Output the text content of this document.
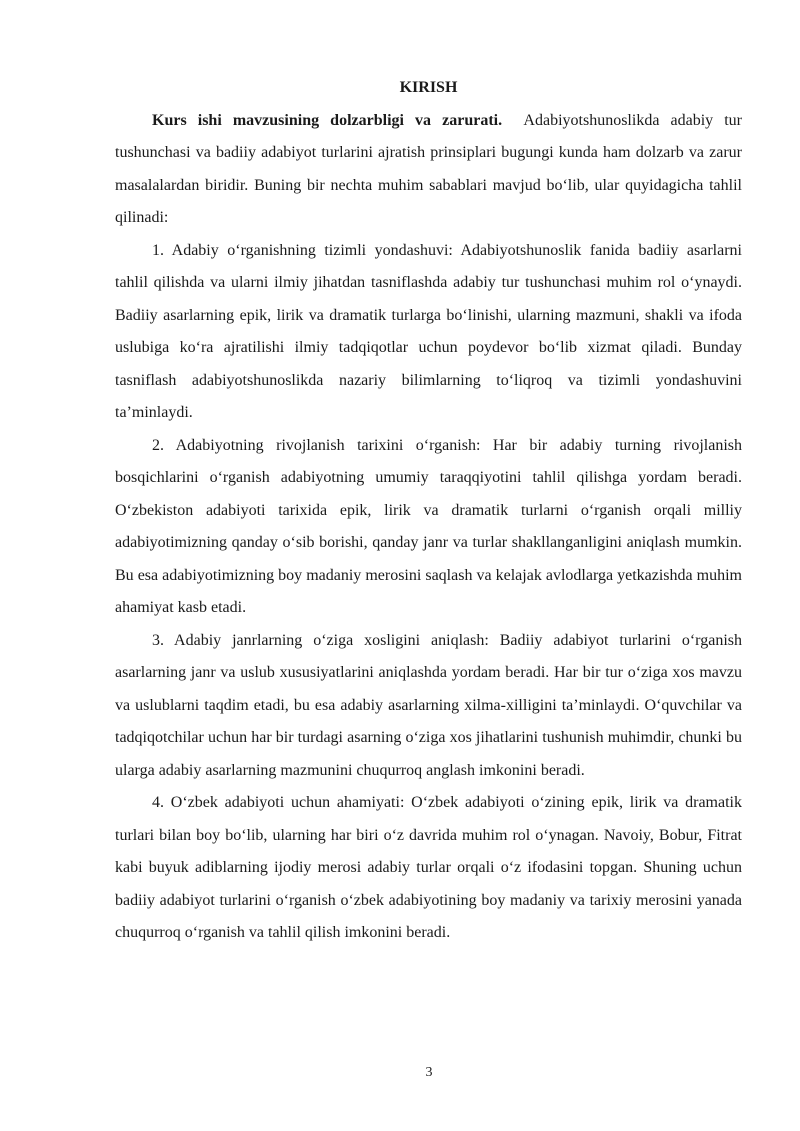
KIRISH

Kurs ishi mavzusining dolzarbligi va zarurati. Adabiyotshunoslikda adabiy tur tushunchasi va badiiy adabiyot turlarini ajratish prinsiplari bugungi kunda ham dolzarb va zarur masalalardan biridir. Buning bir nechta muhim sabablari mavjud bo‘lib, ular quyidagicha tahlil qilinadi:

1. Adabiy o‘rganishning tizimli yondashuvi: Adabiyotshunoslik fanida badiiy asarlarni tahlil qilishda va ularni ilmiy jihatdan tasniflashda adabiy tur tushunchasi muhim rol o‘ynaydi. Badiiy asarlarning epik, lirik va dramatik turlarga bo‘linishi, ularning mazmuni, shakli va ifoda uslubiga ko‘ra ajratilishi ilmiy tadqiqotlar uchun poydevor bo‘lib xizmat qiladi. Bunday tasniflash adabiyotshunoslikda nazariy bilimlarning to‘liqroq va tizimli yondashuvini ta’minlaydi.

2. Adabiyotning rivojlanish tarixini o‘rganish: Har bir adabiy turning rivojlanish bosqichlarini o‘rganish adabiyotning umumiy taraqqiyotini tahlil qilishga yordam beradi. O‘zbekiston adabiyoti tarixida epik, lirik va dramatik turlarni o‘rganish orqali milliy adabiyotimizning qanday o‘sib borishi, qanday janr va turlar shakllanganligini aniqlash mumkin. Bu esa adabiyotimizning boy madaniy merosini saqlash va kelajak avlodlarga yetkazishda muhim ahamiyat kasb etadi.

3. Adabiy janrlarning o‘ziga xosligini aniqlash: Badiiy adabiyot turlarini o‘rganish asarlarning janr va uslub xususiyatlarini aniqlashda yordam beradi. Har bir tur o‘ziga xos mavzu va uslublarni taqdim etadi, bu esa adabiy asarlarning xilma-xilligini ta’minlaydi. O‘quvchilar va tadqiqotchilar uchun har bir turdagi asarning o‘ziga xos jihatlarini tushunish muhimdir, chunki bu ularga adabiy asarlarning mazmunini chuqurroq anglash imkonini beradi.

4. O‘zbek adabiyoti uchun ahamiyati: O‘zbek adabiyoti o‘zining epik, lirik va dramatik turlari bilan boy bo‘lib, ularning har biri o‘z davrida muhim rol o‘ynagan. Navoiy, Bobur, Fitrat kabi buyuk adiblarning ijodiy merosi adabiy turlar orqali o‘z ifodasini topgan. Shuning uchun badiiy adabiyot turlarini o‘rganish o‘zbek adabiyotining boy madaniy va tarixiy merosini yanada chuqurroq o‘rganish va tahlil qilish imkonini beradi.

3
